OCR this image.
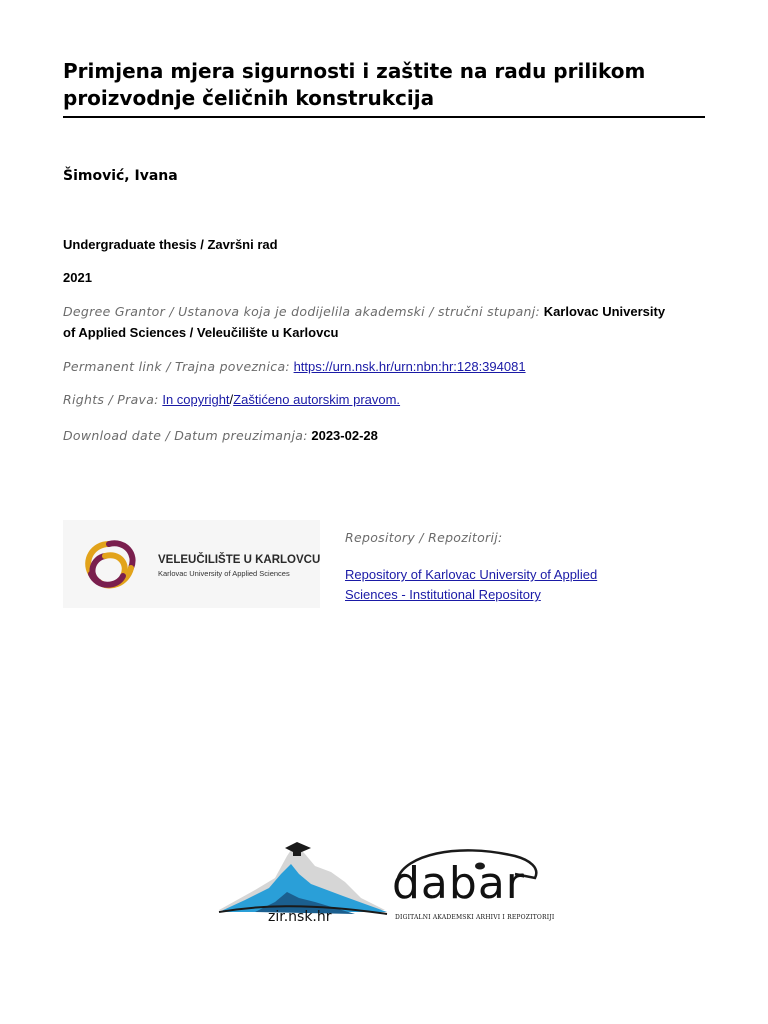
Primjena mjera sigurnosti i zaštite na radu prilikom proizvodnje čeličnih konstrukcija
Šimović, Ivana
Undergraduate thesis / Završni rad
2021
Degree Grantor / Ustanova koja je dodijelila akademski / stručni stupanj: Karlovac University of Applied Sciences / Veleučilište u Karlovcu
Permanent link / Trajna poveznica: https://urn.nsk.hr/urn:nbn:hr:128:394081
Rights / Prava: In copyright/Zaštićeno autorskim pravom.
Download date / Datum preuzimanja: 2023-02-28
VELEUČILIŠTE U KARLOVCU
Karlovac University of Applied Sciences
Repository / Repozitorij:
Repository of Karlovac University of Applied Sciences - Institutional Repository
zir.nsk.hr
dabar
DIGITALNI AKADEMSKI ARHIVI I REPOZITORIJI
